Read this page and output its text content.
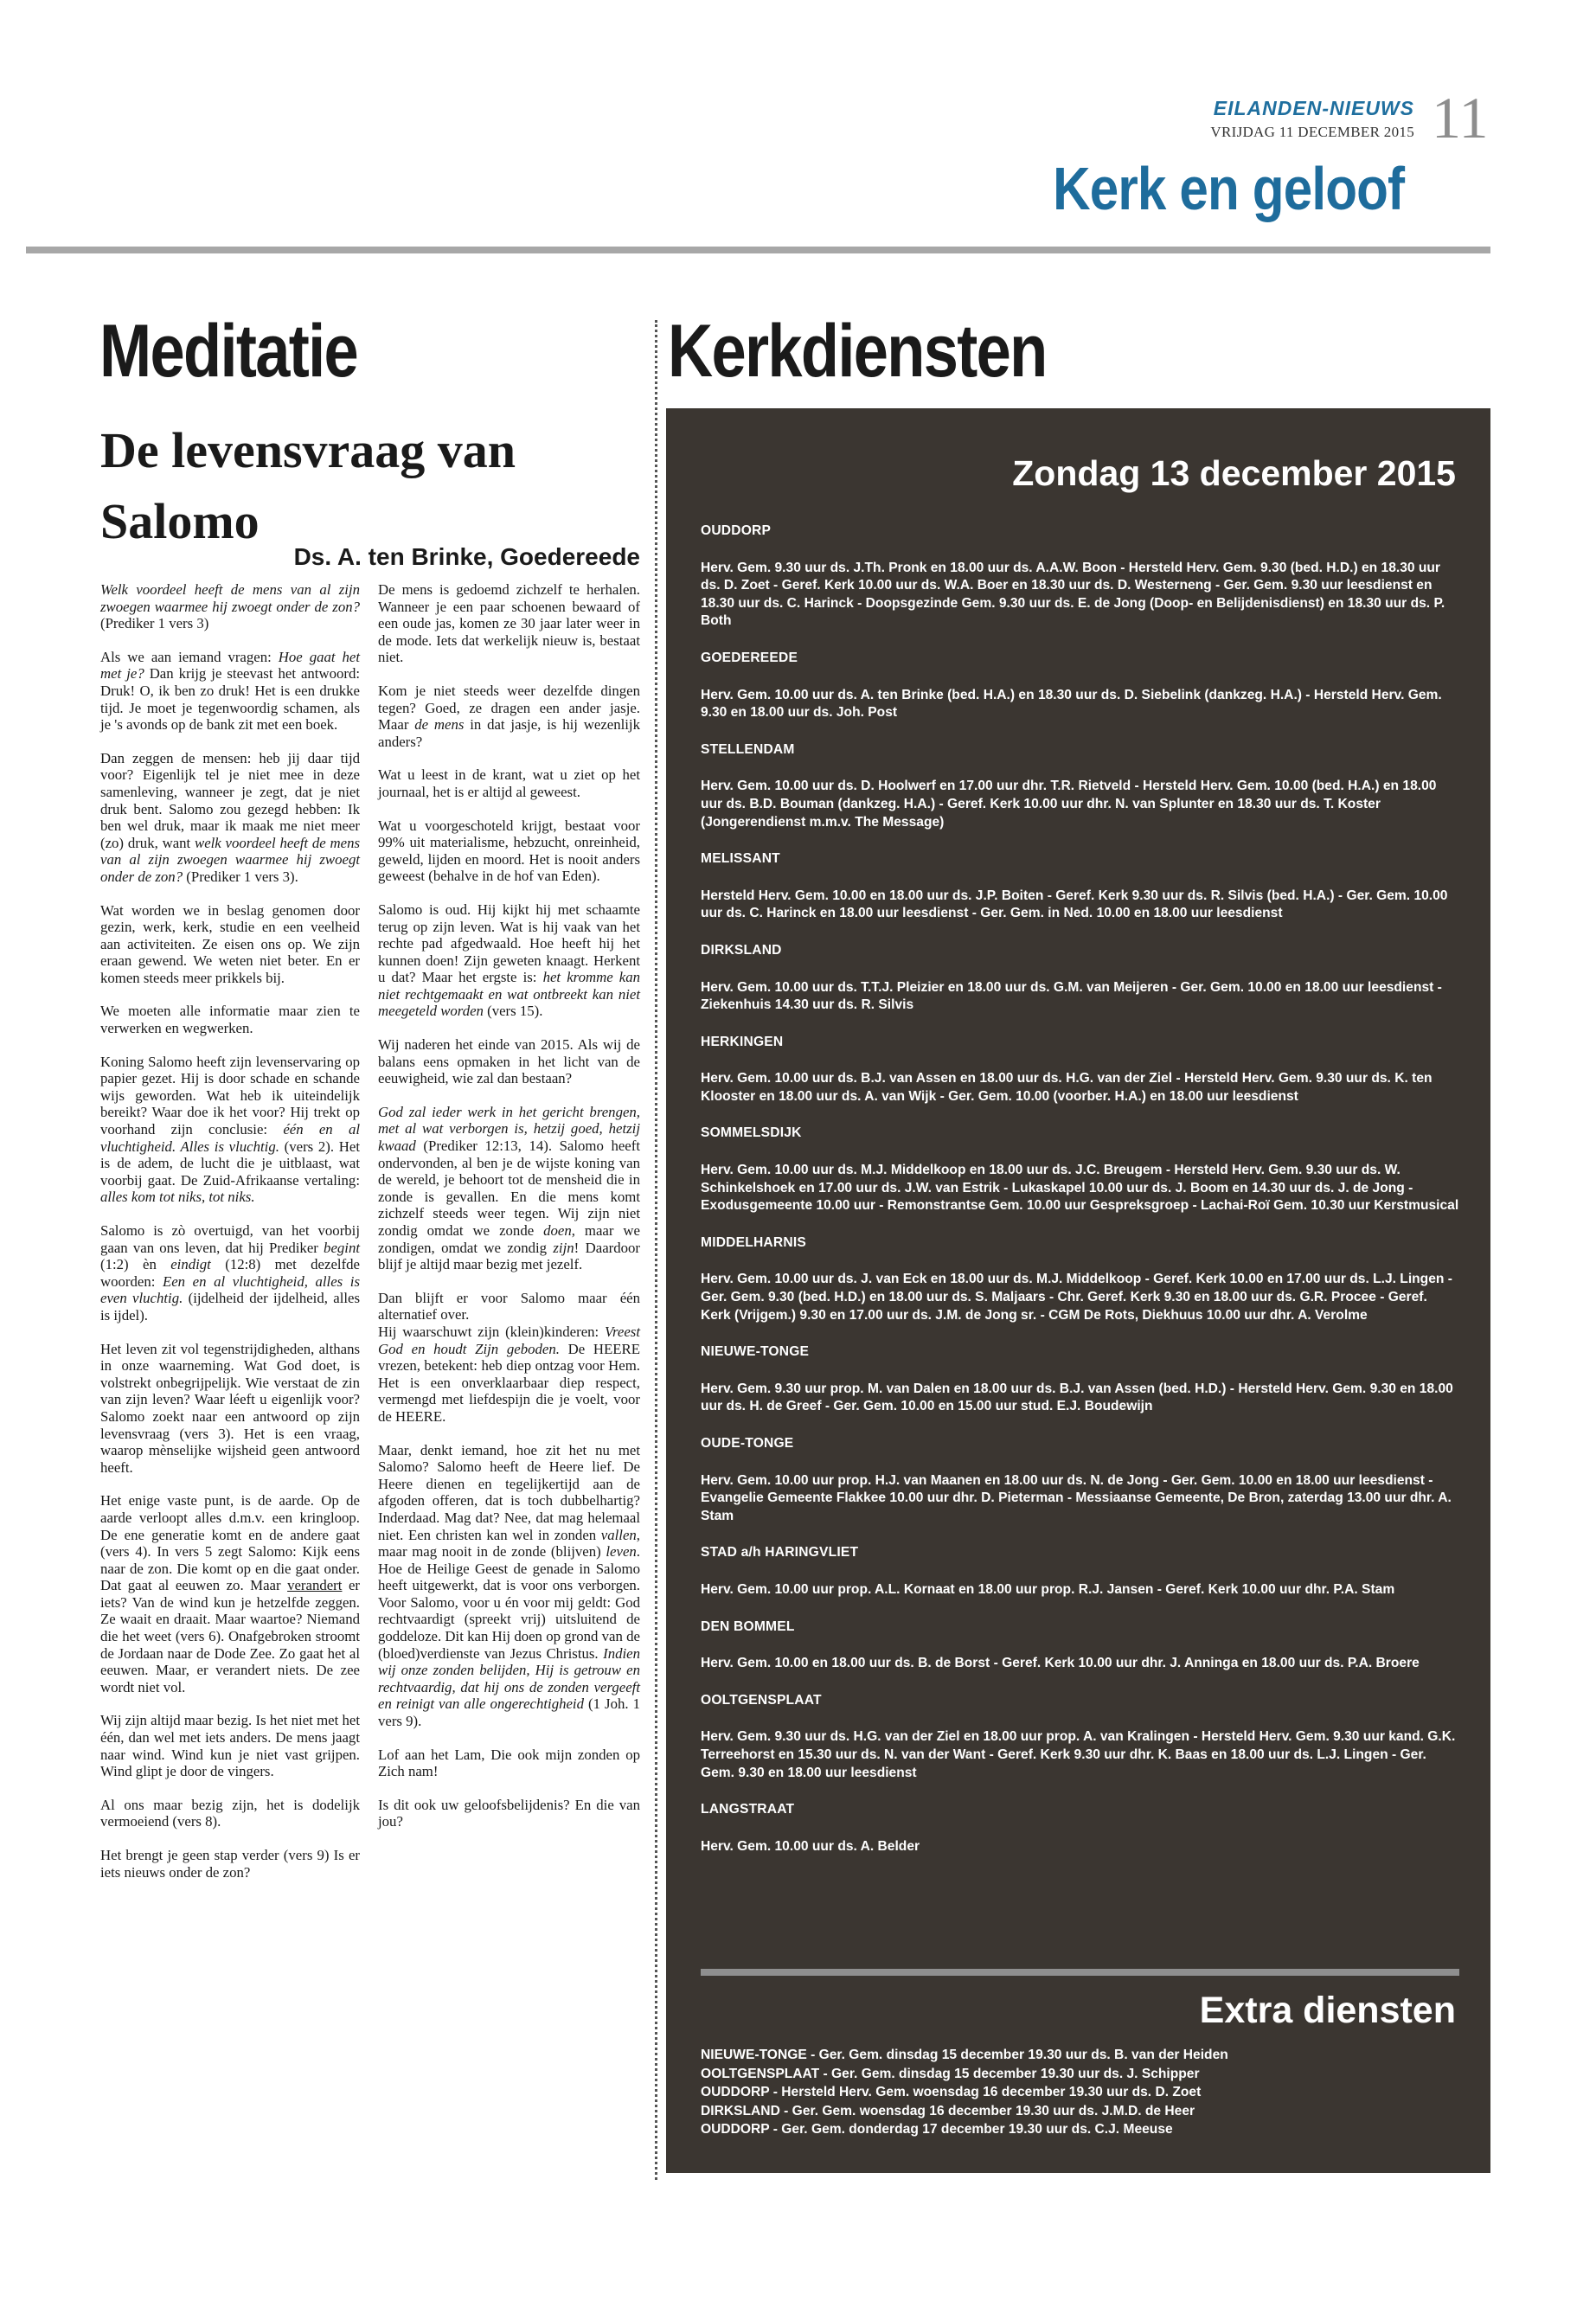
EILANDEN-NIEUWS
VRIJDAG 11 DECEMBER 2015 11
Kerk en geloof
Meditatie
De levensvraag van Salomo
Ds. A. ten Brinke, Goedereede

Welk voordeel heeft de mens van al zijn zwoegen waarmee hij zwoegt onder de zon? (Prediker 1 vers 3)

Als we aan iemand vragen: Hoe gaat het met je? Dan krijg je steevast het antwoord: Druk! O, ik ben zo druk! Het is een drukke tijd. Je moet je tegenwoordig schamen, als je 's avonds op de bank zit met een boek.

Dan zeggen de mensen: heb jij daar tijd voor? Eigenlijk tel je niet mee in deze samenleving, wanneer je zegt, dat je niet druk bent. Salomo zou gezegd hebben: Ik ben wel druk, maar ik maak me niet meer (zo) druk, want welk voordeel heeft de mens van al zijn zwoegen waarmee hij zwoegt onder de zon? (Prediker 1 vers 3).

Wat worden we in beslag genomen door gezin, werk, kerk, studie en een veelheid aan activiteiten. Ze eisen ons op. We zijn eraan gewend. We weten niet beter. En er komen steeds meer prikkels bij.

We moeten alle informatie maar zien te verwerken en wegwerken.

Koning Salomo heeft zijn levenservaring op papier gezet. Hij is door schade en schande wijs geworden. Wat heb ik uiteindelijk bereikt? Waar doe ik het voor? Hij trekt op voorhand zijn conclusie: één en al vluchtigheid. Alles is vluchtig. (vers 2). Het is de adem, de lucht die je uitblaast, wat voorbij gaat. De Zuid-Afrikaanse vertaling: alles kom tot niks, tot niks.

Salomo is zò overtuigd, van het voorbij gaan van ons leven, dat hij Prediker begint (1:2) èn eindigt (12:8) met dezelfde woorden: Een en al vluchtigheid, alles is even vluchtig. (ijdelheid der ijdelheid, alles is ijdel).

Het leven zit vol tegenstrijdigheden, althans in onze waarneming. Wat God doet, is volstrekt onbegrijpelijk. Wie verstaat de zin van zijn leven? Waar léeft u eigenlijk voor? Salomo zoekt naar een antwoord op zijn levensvraag (vers 3). Het is een vraag, waarop mènselijke wijsheid geen antwoord heeft.

Het enige vaste punt, is de aarde. Op de aarde verloopt alles d.m.v. een kringloop. De ene generatie komt en de andere gaat (vers 4). In vers 5 zegt Salomo: Kijk eens naar de zon. Die komt op en die gaat onder. Dat gaat al eeuwen zo. Maar verandert er iets? Van de wind kun je hetzelfde zeggen. Ze waait en draait. Maar waartoe? Niemand die het weet (vers 6). Onafgebroken stroomt de Jordaan naar de Dode Zee. Zo gaat het al eeuwen. Maar, er verandert niets. De zee wordt niet vol.

Wij zijn altijd maar bezig. Is het niet met het één, dan wel met iets anders. De mens jaagt naar wind. Wind kun je niet vast grijpen. Wind glipt je door de vingers.

Al ons maar bezig zijn, het is dodelijk vermoeiend (vers 8).

Het brengt je geen stap verder (vers 9) Is er iets nieuws onder de zon?

De mens is gedoemd zichzelf te herhalen. Wanneer je een paar schoenen bewaard of een oude jas, komen ze 30 jaar later weer in de mode. Iets dat werkelijk nieuw is, bestaat niet.

Kom je niet steeds weer dezelfde dingen tegen? Goed, ze dragen een ander jasje. Maar de mens in dat jasje, is hij wezenlijk anders?

Wat u leest in de krant, wat u ziet op het journaal, het is er altijd al geweest.

Wat u voorgeschoteld krijgt, bestaat voor 99% uit materialisme, hebzucht, onreinheid, geweld, lijden en moord. Het is nooit anders geweest (behalve in de hof van Eden).

Salomo is oud. Hij kijkt hij met schaamte terug op zijn leven. Wat is hij vaak van het rechte pad afgedwaald. Hoe heeft hij het kunnen doen! Zijn geweten knaagt. Herkent u dat? Maar het ergste is: het kromme kan niet rechtgemaakt en wat ontbreekt kan niet meegeteld worden (vers 15).

Wij naderen het einde van 2015. Als wij de balans eens opmaken in het licht van de eeuwigheid, wie zal dan bestaan?

God zal ieder werk in het gericht brengen, met al wat verborgen is, hetzij goed, hetzij kwaad (Prediker 12:13, 14). Salomo heeft ondervonden, al ben je de wijste koning van de wereld, je behoort tot de mensheid die in zonde is gevallen. En die mens komt zichzelf steeds weer tegen. Wij zijn niet zondig omdat we zonde doen, maar we zondigen, omdat we zondig zijn! Daardoor blijf je altijd maar bezig met jezelf.

Dan blijft er voor Salomo maar één alternatief over.
Hij waarschuwt zijn (klein)kinderen: Vreest God en houdt Zijn geboden. De HEERE vrezen, betekent: heb diep ontzag voor Hem. Het is een onverklaarbaar diep respect, vermengd met liefdespijn die je voelt, voor de HEERE.

Maar, denkt iemand, hoe zit het nu met Salomo? Salomo heeft de Heere lief. De Heere dienen en tegelijkertijd aan de afgoden offeren, dat is toch dubbelhartig? Inderdaad. Mag dat? Nee, dat mag helemaal niet. Een christen kan wel in zonden vallen, maar mag nooit in de zonde (blijven) leven. Hoe de Heilige Geest de genade in Salomo heeft uitgewerkt, dat is voor ons verborgen. Voor Salomo, voor u én voor mij geldt: God rechtvaardigt (spreekt vrij) uitsluitend de goddeloze. Dit kan Hij doen op grond van de (bloed)verdienste van Jezus Christus. Indien wij onze zonden belijden, Hij is getrouw en rechtvaardig, dat hij ons de zonden vergeeft en reinigt van alle ongerechtigheid (1 Joh. 1 vers 9).

Lof aan het Lam, Die ook mijn zonden op Zich nam!

Is dit ook uw geloofsbelijdenis? En die van jou?

Kerkdiensten
Zondag 13 december 2015
OUDDORP
Herv. Gem. 9.30 uur ds. J.Th. Pronk en 18.00 uur ds. A.A.W. Boon - Hersteld Herv. Gem. 9.30 (bed. H.D.) en 18.30 uur ds. D. Zoet - Geref. Kerk 10.00 uur ds. W.A. Boer en 18.30 uur ds. D. Westerneng - Ger. Gem. 9.30 uur leesdienst en 18.30 uur ds. C. Harinck - Doopsgezinde Gem. 9.30 uur ds. E. de Jong (Doop- en Belijdenisdienst) en 18.30 uur ds. P. Both
GOEDEREEDE
Herv. Gem. 10.00 uur ds. A. ten Brinke (bed. H.A.) en 18.30 uur ds. D. Siebelink (dankzeg. H.A.) - Hersteld Herv. Gem. 9.30 en 18.00 uur ds. Joh. Post
STELLENDAM
Herv. Gem. 10.00 uur ds. D. Hoolwerf en 17.00 uur dhr. T.R. Rietveld - Hersteld Herv. Gem. 10.00 (bed. H.A.) en 18.00 uur ds. B.D. Bouman (dankzeg. H.A.) - Geref. Kerk 10.00 uur dhr. N. van Splunter en 18.30 uur ds. T. Koster (Jongerendienst m.m.v. The Message)
MELISSANT
Hersteld Herv. Gem. 10.00 en 18.00 uur ds. J.P. Boiten - Geref. Kerk 9.30 uur ds. R. Silvis (bed. H.A.) - Ger. Gem. 10.00 uur ds. C. Harinck en 18.00 uur leesdienst - Ger. Gem. in Ned. 10.00 en 18.00 uur leesdienst
DIRKSLAND
Herv. Gem. 10.00 uur ds. T.T.J. Pleizier en 18.00 uur ds. G.M. van Meijeren - Ger. Gem. 10.00 en 18.00 uur leesdienst - Ziekenhuis 14.30 uur ds. R. Silvis
HERKINGEN
Herv. Gem. 10.00 uur ds. B.J. van Assen en 18.00 uur ds. H.G. van der Ziel - Hersteld Herv. Gem. 9.30 uur ds. K. ten Klooster en 18.00 uur ds. A. van Wijk - Ger. Gem. 10.00 (voorber. H.A.) en 18.00 uur leesdienst
SOMMELSDIJK
Herv. Gem. 10.00 uur ds. M.J. Middelkoop en 18.00 uur ds. J.C. Breugem - Hersteld Herv. Gem. 9.30 uur ds. W. Schinkelshoek en 17.00 uur ds. J.W. van Estrik - Lukaskapel 10.00 uur ds. J. Boom en 14.30 uur ds. J. de Jong - Exodusgemeente 10.00 uur - Remonstrantse Gem. 10.00 uur Gespreksgroep - Lachai-Roï Gem. 10.30 uur Kerstmusical
MIDDELHARNIS
Herv. Gem. 10.00 uur ds. J. van Eck en 18.00 uur ds. M.J. Middelkoop - Geref. Kerk 10.00 en 17.00 uur ds. L.J. Lingen - Ger. Gem. 9.30 (bed. H.D.) en 18.00 uur ds. S. Maljaars - Chr. Geref. Kerk 9.30 en 18.00 uur ds. G.R. Procee - Geref. Kerk (Vrijgem.) 9.30 en 17.00 uur ds. J.M. de Jong sr. - CGM De Rots, Diekhuus 10.00 uur dhr. A. Verolme
NIEUWE-TONGE
Herv. Gem. 9.30 uur prop. M. van Dalen en 18.00 uur ds. B.J. van Assen (bed. H.D.) - Hersteld Herv. Gem. 9.30 en 18.00 uur ds. H. de Greef - Ger. Gem. 10.00 en 15.00 uur stud. E.J. Boudewijn
OUDE-TONGE
Herv. Gem. 10.00 uur prop. H.J. van Maanen en 18.00 uur ds. N. de Jong - Ger. Gem. 10.00 en 18.00 uur leesdienst - Evangelie Gemeente Flakkee 10.00 uur dhr. D. Pieterman - Messiaanse Gemeente, De Bron, zaterdag 13.00 uur dhr. A. Stam
STAD a/h HARINGVLIET
Herv. Gem. 10.00 uur prop. A.L. Kornaat en 18.00 uur prop. R.J. Jansen - Geref. Kerk 10.00 uur dhr. P.A. Stam
DEN BOMMEL
Herv. Gem. 10.00 en 18.00 uur ds. B. de Borst - Geref. Kerk 10.00 uur dhr. J. Anninga en 18.00 uur ds. P.A. Broere
OOLTGENSPLAAT
Herv. Gem. 9.30 uur ds. H.G. van der Ziel en 18.00 uur prop. A. van Kralingen - Hersteld Herv. Gem. 9.30 uur kand. G.K. Terreehorst en 15.30 uur ds. N. van der Want - Geref. Kerk 9.30 uur dhr. K. Baas en 18.00 uur ds. L.J. Lingen - Ger. Gem. 9.30 en 18.00 uur leesdienst
LANGSTRAAT
Herv. Gem. 10.00 uur ds. A. Belder
Extra diensten
NIEUWE-TONGE - Ger. Gem. dinsdag 15 december 19.30 uur ds. B. van der Heiden
OOLTGENSPLAAT - Ger. Gem. dinsdag 15 december 19.30 uur ds. J. Schipper
OUDDORP - Hersteld Herv. Gem. woensdag 16 december 19.30 uur ds. D. Zoet
DIRKSLAND - Ger. Gem. woensdag 16 december 19.30 uur ds. J.M.D. de Heer
OUDDORP - Ger. Gem. donderdag 17 december 19.30 uur ds. C.J. Meeuse
